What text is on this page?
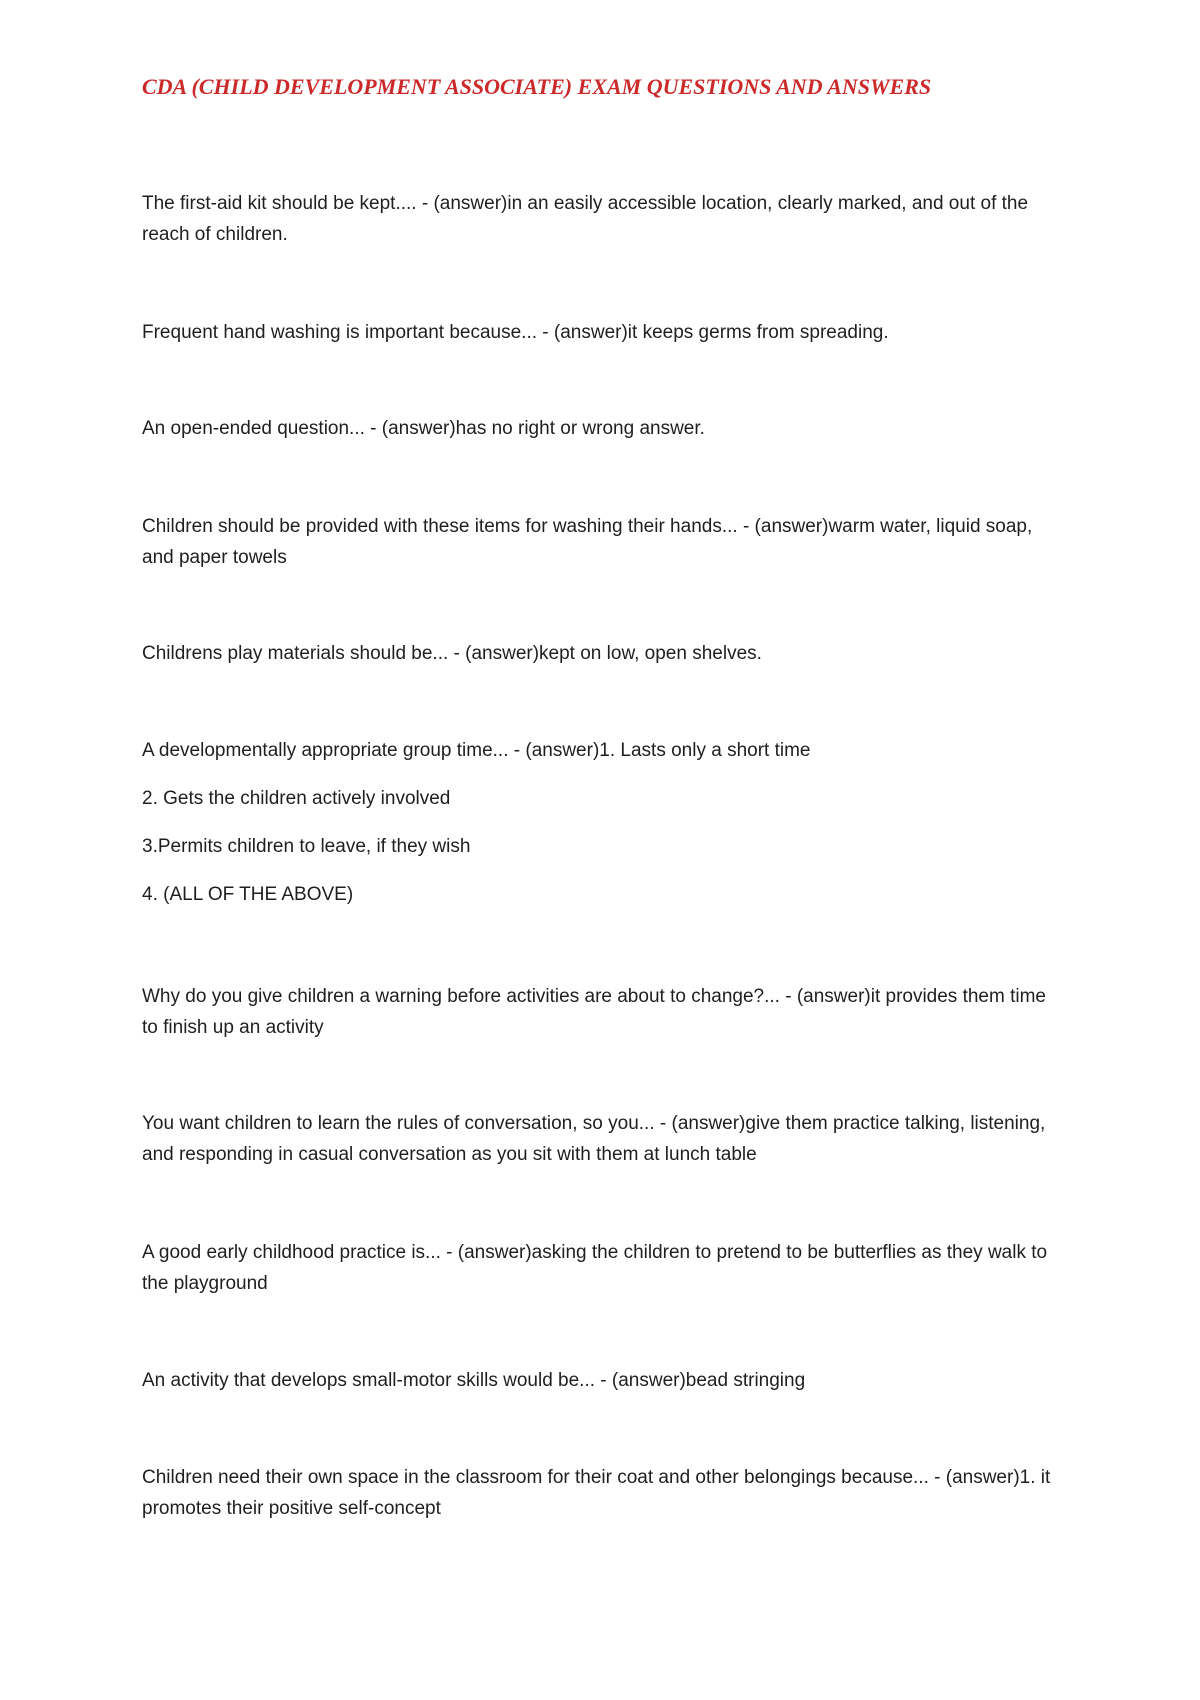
CDA (CHILD DEVELOPMENT ASSOCIATE) EXAM QUESTIONS AND ANSWERS

The first-aid kit should be kept.... - (answer)in an easily accessible location, clearly marked, and out of the reach of children.

Frequent hand washing is important because... - (answer)it keeps germs from spreading.

An open-ended question... - (answer)has no right or wrong answer.

Children should be provided with these items for washing their hands... - (answer)warm water, liquid soap, and paper towels

Childrens play materials should be... - (answer)kept on low, open shelves.

A developmentally appropriate group time... - (answer)1. Lasts only a short time

2. Gets the children actively involved

3.Permits children to leave, if they wish

4. (ALL OF THE ABOVE)

Why do you give children a warning before activities are about to change?... - (answer)it provides them time to finish up an activity

You want children to learn the rules of conversation, so you... - (answer)give them practice talking, listening, and responding in casual conversation as you sit with them at lunch table

A good early childhood practice is... - (answer)asking the children to pretend to be butterflies as they walk to the playground

An activity that develops small-motor skills would be... - (answer)bead stringing

Children need their own space in the classroom for their coat and other belongings because... - (answer)1. it promotes their positive self-concept
